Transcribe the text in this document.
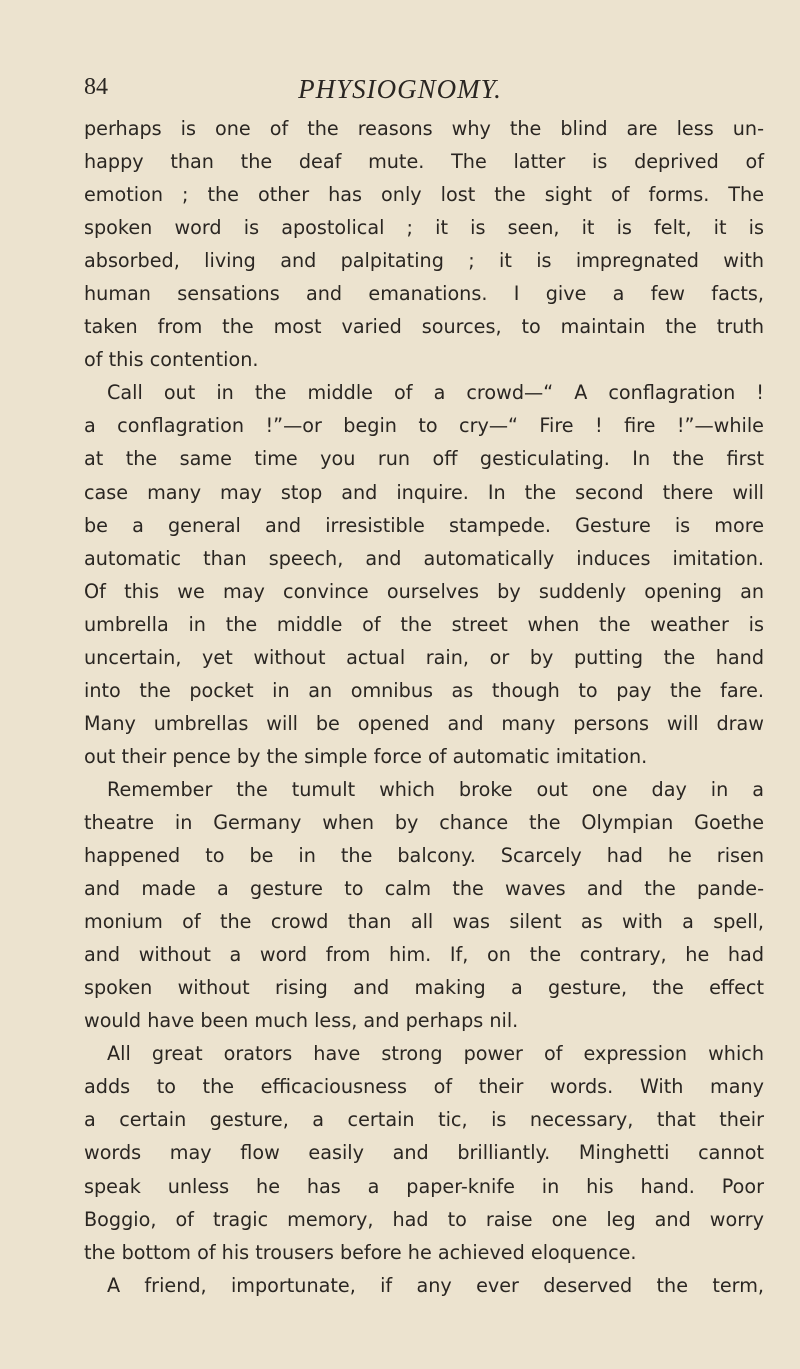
84	PHYSIOGNOMY.
perhaps is one of the reasons why the blind are less un-
happy than the deaf mute. The latter is deprived of
emotion ; the other has only lost the sight of forms. The
spoken word is apostolical ; it is seen, it is felt, it is
absorbed, living and palpitating ; it is impregnated with
human sensations and emanations. I give a few facts,
taken from the most varied sources, to maintain the truth
of this contention.
Call out in the middle of a crowd—“ A conflagration !
a conflagration !”—or begin to cry—“ Fire ! fire !”—while
at the same time you run off gesticulating. In the first
case many may stop and inquire. In the second there will
be a general and irresistible stampede. Gesture is more
automatic than speech, and automatically induces imitation.
Of this we may convince ourselves by suddenly opening an
umbrella in the middle of the street when the weather is
uncertain, yet without actual rain, or by putting the hand
into the pocket in an omnibus as though to pay the fare.
Many umbrellas will be opened and many persons will draw
out their pence by the simple force of automatic imitation.
Remember the tumult which broke out one day in a
theatre in Germany when by chance the Olympian Goethe
happened to be in the balcony. Scarcely had he risen
and made a gesture to calm the waves and the pande-
monium of the crowd than all was silent as with a spell,
and without a word from him. If, on the contrary, he had
spoken without rising and making a gesture, the effect
would have been much less, and perhaps nil.
All great orators have strong power of expression which
adds to the efficaciousness of their words. With many
a certain gesture, a certain tic, is necessary, that their
words may flow easily and brilliantly. Minghetti cannot
speak unless he has a paper-knife in his hand. Poor
Boggio, of tragic memory, had to raise one leg and worry
the bottom of his trousers before he achieved eloquence.
A friend, importunate, if any ever deserved the term,
